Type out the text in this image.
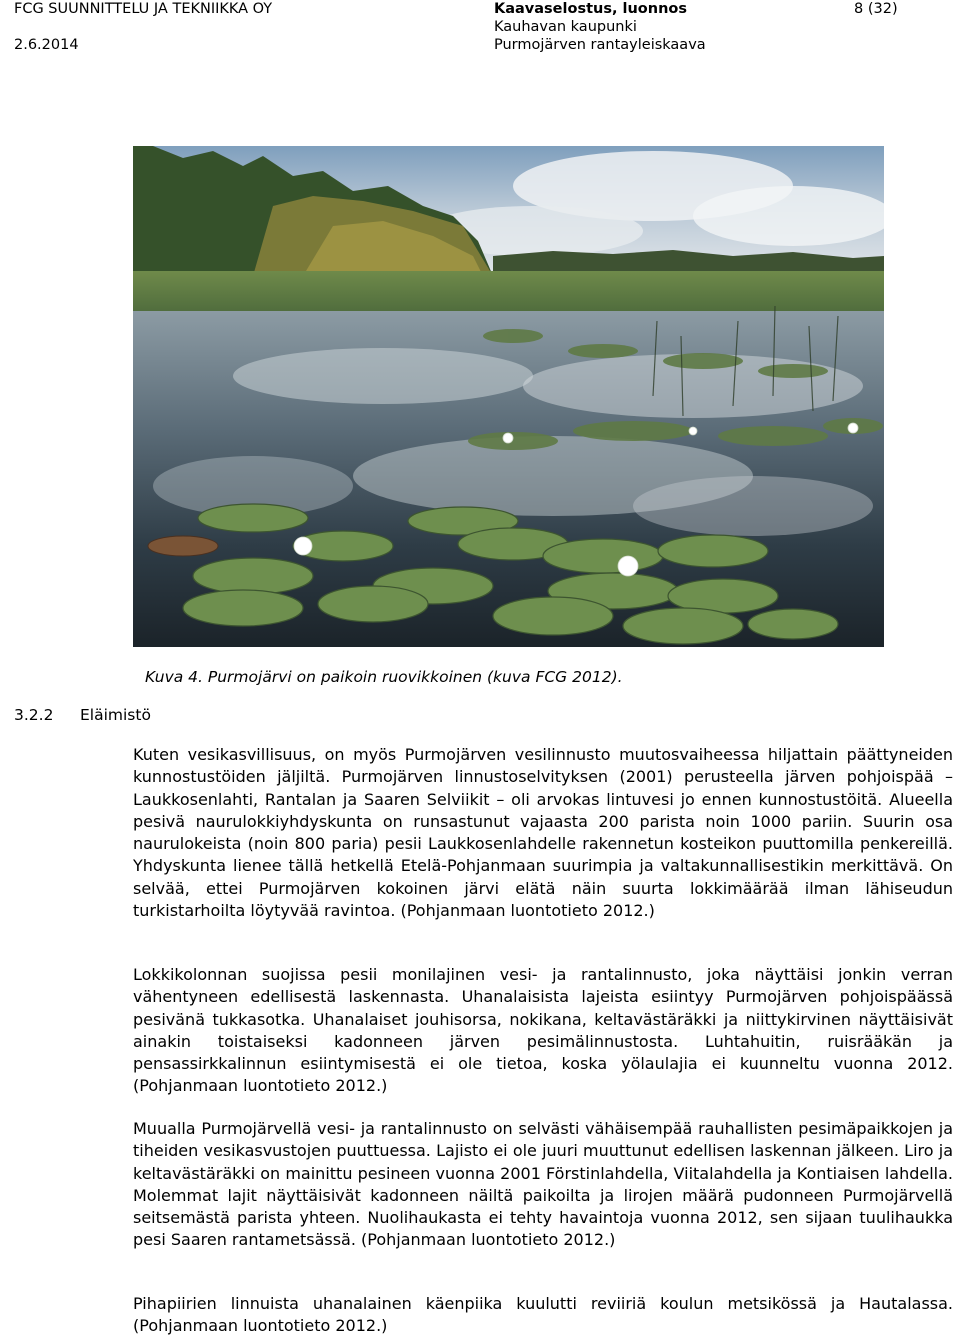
FCG SUUNNITTELU JA TEKNIIKKA OY
2.6.2014
Kaavaselostus, luonnos
Kauhavan kaupunki
Purmojärven rantayleiskaava
8 (32)
Kuva 4. Purmojärvi on paikoin ruovikkoinen (kuva FCG 2012).
3.2.2 Eläimistö

Kuten vesikasvillisuus, on myös Purmojärven vesilinnusto muutosvaiheessa hiljattain päättyneiden kunnostustöiden jäljiltä. Purmojärven linnustoselvityksen (2001) perusteella järven pohjoispää – Laukkosenlahti, Rantalan ja Saaren Selviikit – oli arvokas lintuvesi jo ennen kunnostustöitä. Alueella pesivä naurulokkiyhdyskunta on runsastunut vajaasta 200 parista noin 1000 pariin. Suurin osa naurulokeista (noin 800 paria) pesii Laukkosenlahdelle rakennetun kosteikon puuttomilla penkereillä. Yhdyskunta lienee tällä hetkellä Etelä-Pohjanmaan suurimpia ja valtakunnallisestikin merkittävä. On selvää, ettei Purmojärven kokoinen järvi elätä näin suurta lokkimäärää ilman lähiseudun turkistarhoilta löytyvää ravintoa. (Pohjanmaan luontotieto 2012.)

Lokkikolonnan suojissa pesii monilajinen vesi- ja rantalinnusto, joka näyttäisi jonkin verran vähentyneen edellisestä laskennasta. Uhanalaisista lajeista esiintyy Purmojärven pohjoispäässä pesivänä tukkasotka. Uhanalaiset jouhisorsa, nokikana, keltavästäräkki ja niittykirvinen näyttäisivät ainakin toistaiseksi kadonneen järven pesimälinnustosta. Luhtahuitin, ruisrääkän ja pensassirkkalinnun esiintymisestä ei ole tietoa, koska yölaulajia ei kuunneltu vuonna 2012. (Pohjanmaan luontotieto 2012.)

Muualla Purmojärvellä vesi- ja rantalinnusto on selvästi vähäisempää rauhallisten pesimäpaikkojen ja tiheiden vesikasvustojen puuttuessa. Lajisto ei ole juuri muuttunut edellisen laskennan jälkeen. Liro ja keltavästäräkki on mainittu pesineen vuonna 2001 Förstinlahdella, Viitalahdella ja Kontiaisen lahdella. Molemmat lajit näyttäisivät kadonneen näiltä paikoilta ja lirojen määrä pudonneen Purmojärvellä seitsemästä parista yhteen. Nuolihaukasta ei tehty havaintoja vuonna 2012, sen sijaan tuulihaukka pesi Saaren rantametsässä. (Pohjanmaan luontotieto 2012.)

Pihapiirien linnuista uhanalainen käenpiika kuulutti reviiriä koulun metsikössä ja Hautalassa. (Pohjanmaan luontotieto 2012.)
